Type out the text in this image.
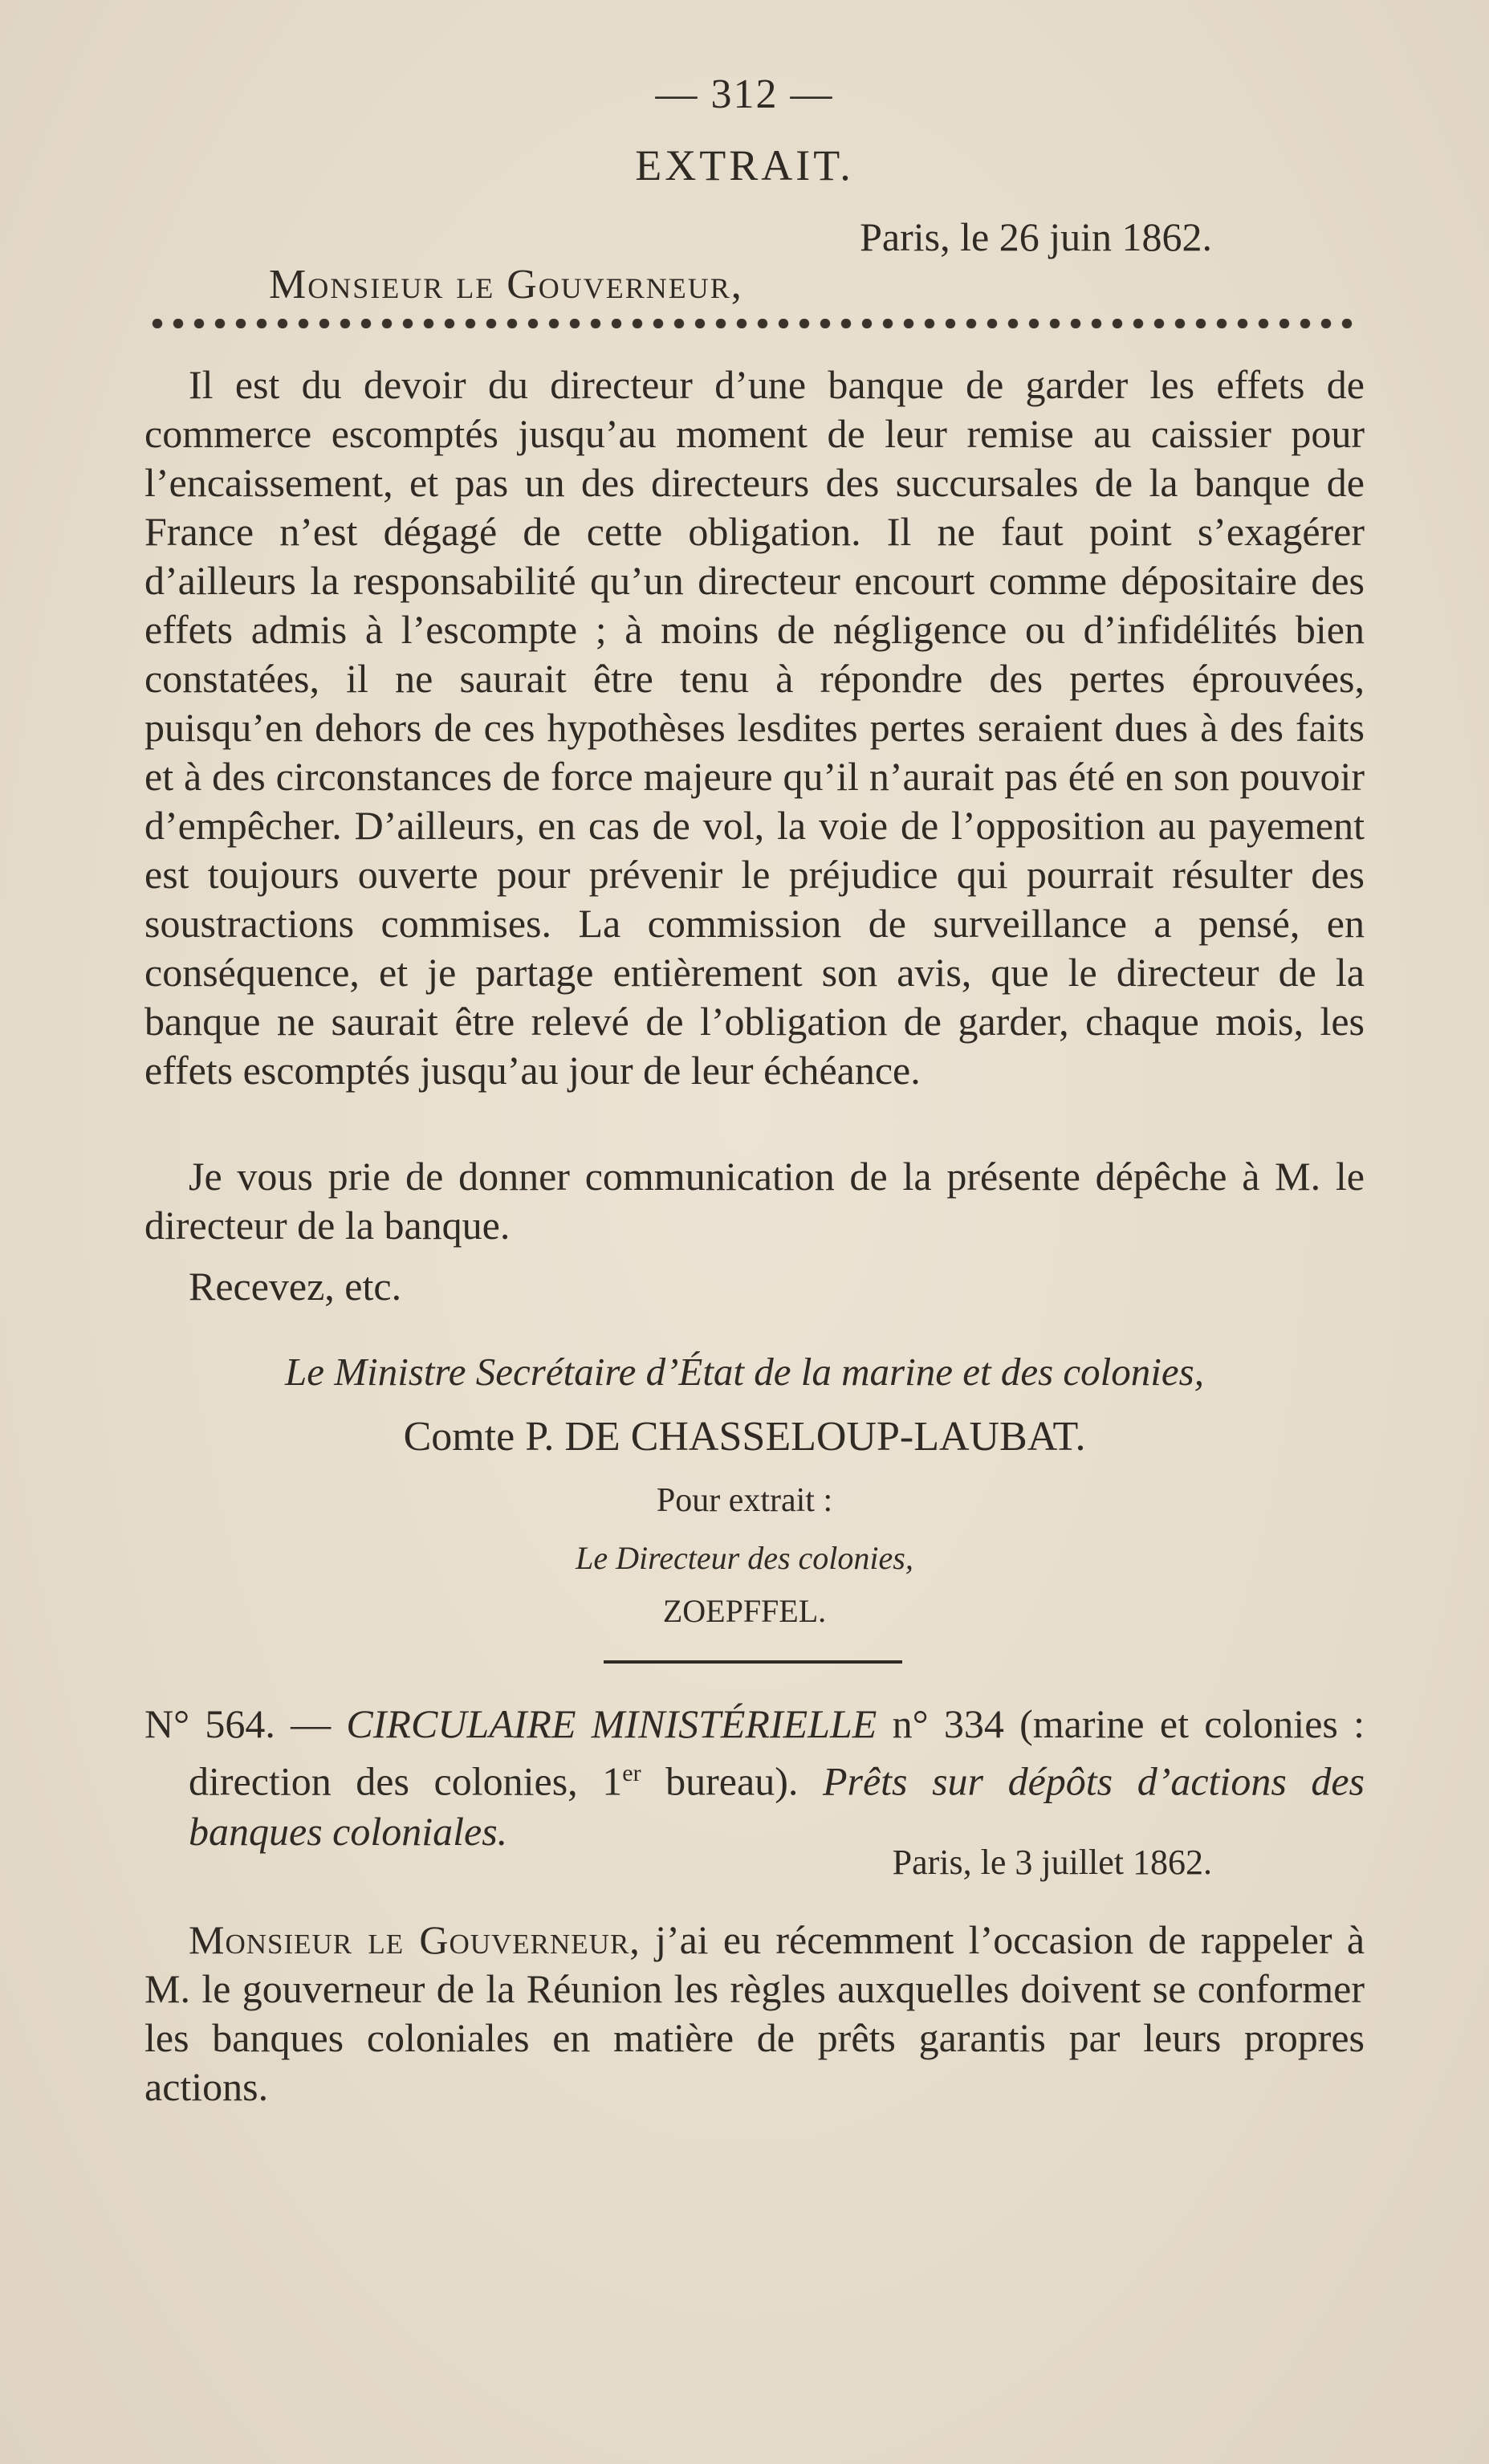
— 312 —
EXTRAIT.
Paris, le 26 juin 1862.
Monsieur le Gouverneur,
Il est du devoir du directeur d’une banque de garder les effets de commerce escomptés jusqu’au moment de leur remise au caissier pour l’encaissement, et pas un des directeurs des succursales de la banque de France n’est dégagé de cette obligation. Il ne faut point s’exagérer d’ailleurs la responsabilité qu’un directeur encourt comme dépositaire des effets admis à l’escompte ; à moins de négligence ou d’infidélités bien constatées, il ne saurait être tenu à répondre des pertes éprouvées, puisqu’en dehors de ces hypothèses lesdites pertes seraient dues à des faits et à des circonstances de force majeure qu’il n’aurait pas été en son pouvoir d’empêcher. D’ailleurs, en cas de vol, la voie de l’opposition au payement est toujours ouverte pour prévenir le préjudice qui pourrait résulter des soustractions commises. La commission de surveillance a pensé, en conséquence, et je partage entièrement son avis, que le directeur de la banque ne saurait être relevé de l’obligation de garder, chaque mois, les effets escomptés jusqu’au jour de leur échéance.
Je vous prie de donner communication de la présente dépêche à M. le directeur de la banque.
Recevez, etc.
Le Ministre Secrétaire d’État de la marine et des colonies,
Comte P. DE CHASSELOUP-LAUBAT.
Pour extrait :
Le Directeur des colonies,
ZOEPFFEL.
N° 564. — CIRCULAIRE MINISTÉRIELLE n° 334 (marine et colonies : direction des colonies, 1er bureau). Prêts sur dépôts d’actions des banques coloniales.
Paris, le 3 juillet 1862.
Monsieur le Gouverneur, j’ai eu récemment l’occasion de rappeler à M. le gouverneur de la Réunion les règles auxquelles doivent se conformer les banques coloniales en matière de prêts garantis par leurs propres actions.
